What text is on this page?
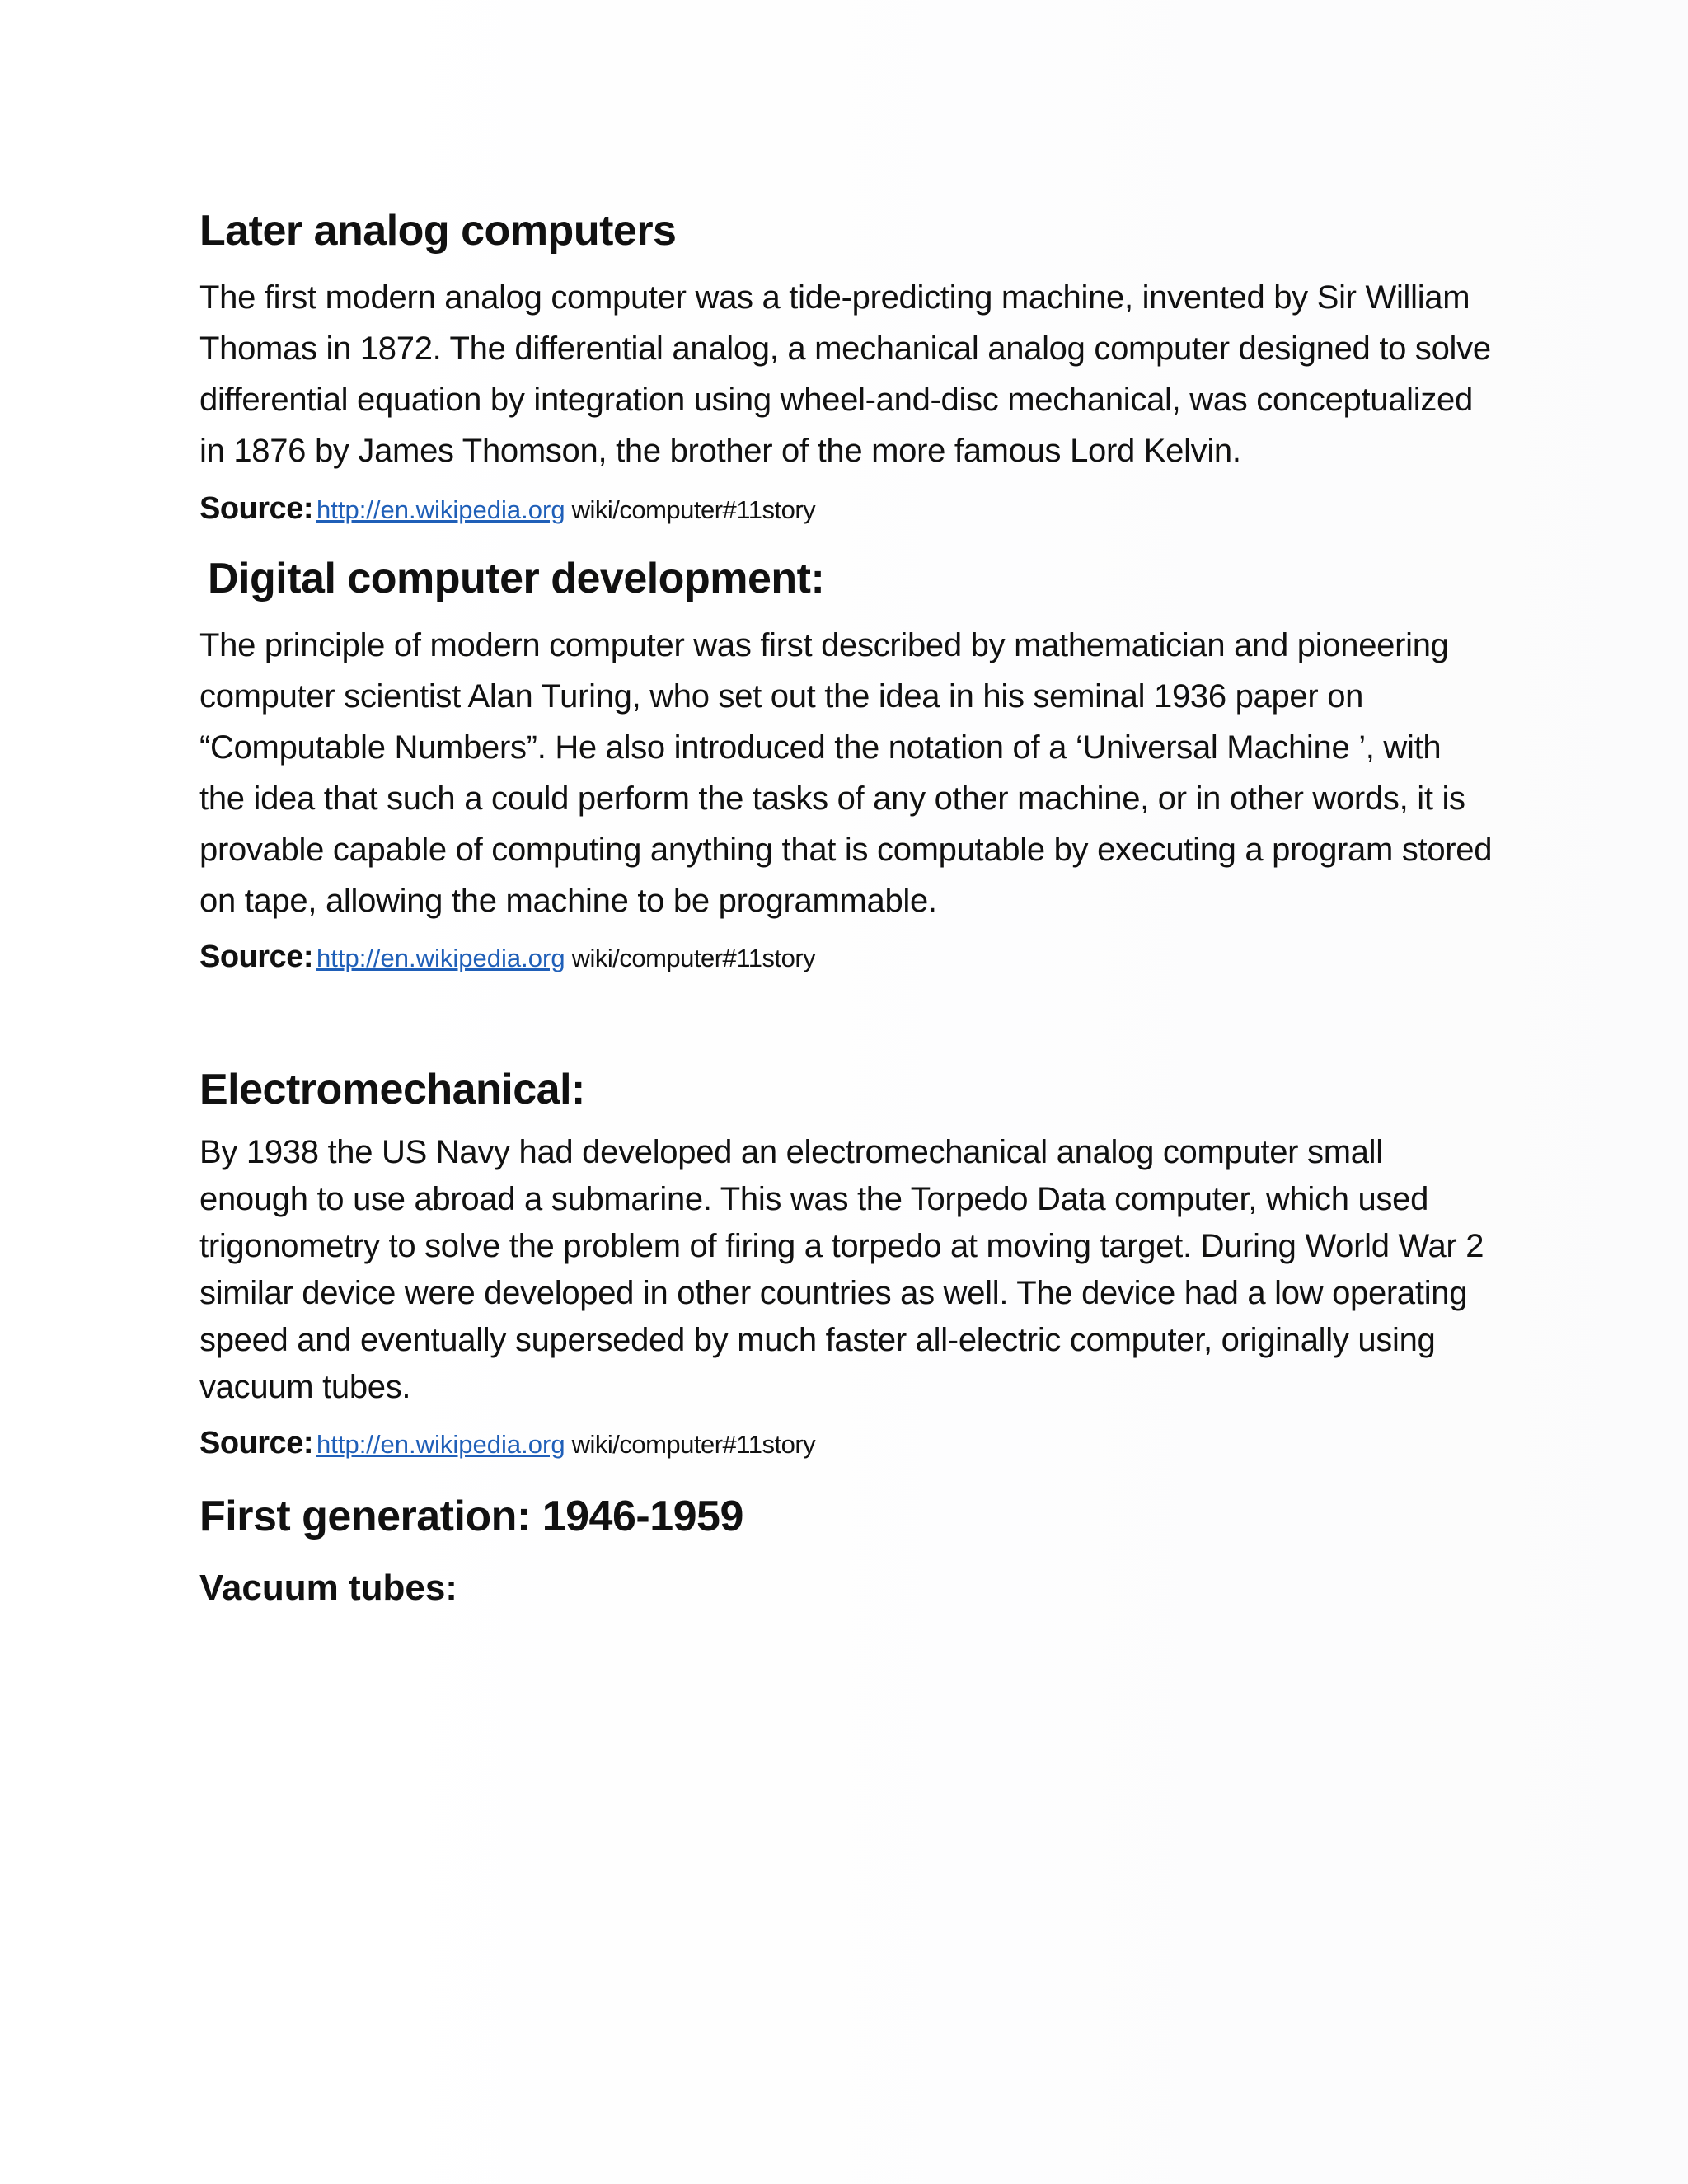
Later analog computers

The first modern analog computer was a tide-predicting machine, invented by Sir William Thomas in 1872. The differential analog, a mechanical analog computer designed to solve differential equation by integration using wheel-and-disc mechanical, was conceptualized in 1876 by James Thomson, the brother of the more famous Lord Kelvin.

Source: http://en.wikipedia.org wiki/computer#11story
Digital computer development:

The principle of modern computer was first described by mathematician and pioneering computer scientist Alan Turing, who set out the idea in his seminal 1936 paper on “Computable Numbers”. He also introduced the notation of a ‘Universal Machine ’, with the idea that such a could perform the tasks of any other machine, or in other words, it is provable capable of computing anything that is computable by executing a program stored on tape, allowing the machine to be programmable.

Source: http://en.wikipedia.org wiki/computer#11story
Electromechanical:

By 1938 the US Navy had developed an electromechanical analog computer small enough to use abroad a submarine. This was the Torpedo Data computer, which used trigonometry to solve the problem of firing a torpedo at moving target. During World War 2 similar device were developed in other countries as well. The device had a low operating speed and eventually superseded by much faster all-electric computer, originally using vacuum tubes.

Source: http://en.wikipedia.org wiki/computer#11story
First generation: 1946-1959
Vacuum tubes:
